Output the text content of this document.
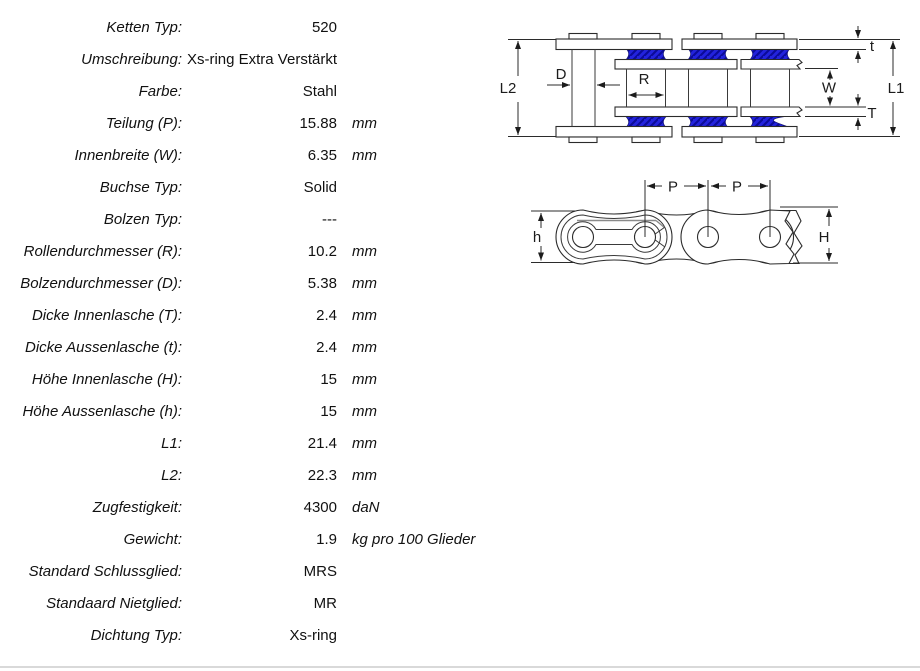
Ketten Typ:	520
Umschreibung: Xs-ring Extra Verstärkt
Farbe:	Stahl
Teilung (P):	15.88	mm
Innenbreite (W):	6.35	mm
Buchse Typ:	Solid
Bolzen Typ:	---
Rollendurchmesser (R):	10.2	mm
Bolzendurchmesser (D):	5.38	mm
Dicke Innenlasche (T):	2.4	mm
Dicke Aussenlasche (t):	2.4	mm
Höhe Innenlasche (H):	15	mm
Höhe Aussenlasche (h):	15	mm
L1:	21.4	mm
L2:	22.3	mm
Zugfestigkeit:	4300	daN
Gewicht:	1.9	kg pro 100 Glieder
Standard Schlussglied:	MRS
Standaard Nietglied:	MR
Dichtung Typ:	Xs-ring
L2
D	R	W
t
T
L1
P	P
h	H
